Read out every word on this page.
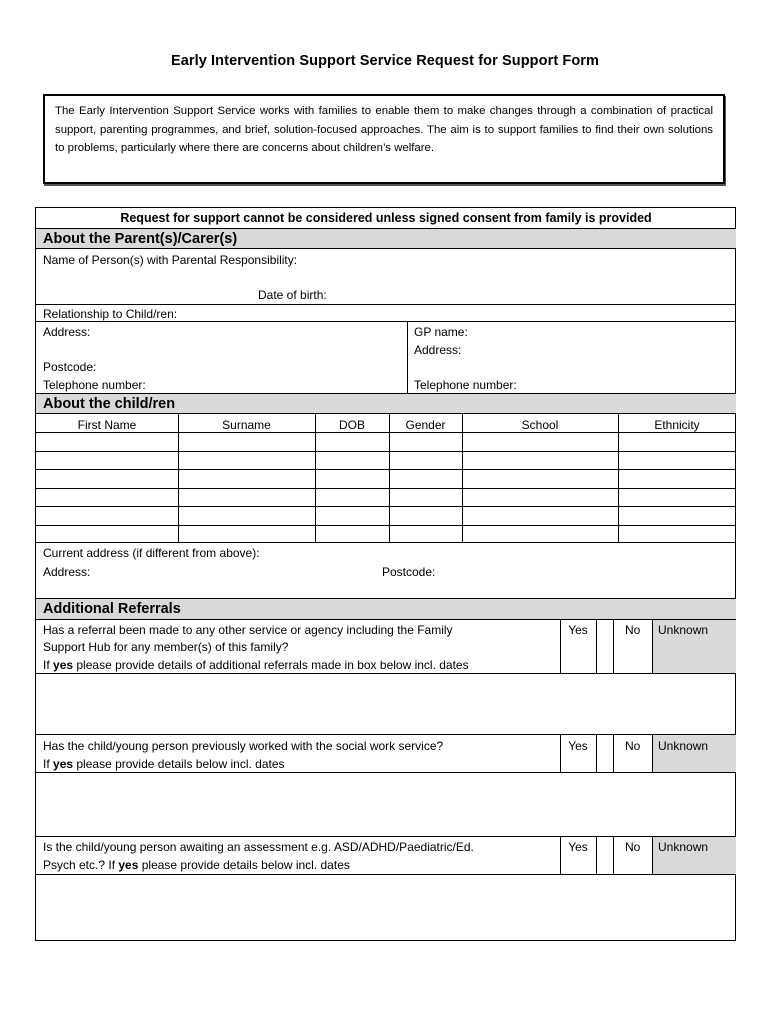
Early Intervention Support Service Request for Support Form
The Early Intervention Support Service works with families to enable them to make changes through a combination of practical support, parenting programmes, and brief, solution-focused approaches. The aim is to support families to find their own solutions to problems, particularly where there are concerns about children’s welfare.
Request for support cannot be considered unless signed consent from family is provided
About the Parent(s)/Carer(s)
Name of Person(s) with Parental Responsibility:
Date of birth:
Relationship to Child/ren:
Address:
Postcode:
Telephone number:
GP name:
Address:
Telephone number:
About the child/ren
First Name	Surname	DOB	Gender	School	Ethnicity
Current address (if different from above):
Address:	Postcode:
Additional Referrals
Has a referral been made to any other service or agency including the Family
Support Hub for any member(s) of this family?
If yes please provide details of additional referrals made in box below incl. dates
Yes	No Unknown
Has the child/young person previously worked with the social work service?
If yes please provide details below incl. dates
Yes	No Unknown
Is the child/young person awaiting an assessment e.g. ASD/ADHD/Paediatric/Ed.
Psych etc.? If yes please provide details below incl. dates
Yes	No Unknown
